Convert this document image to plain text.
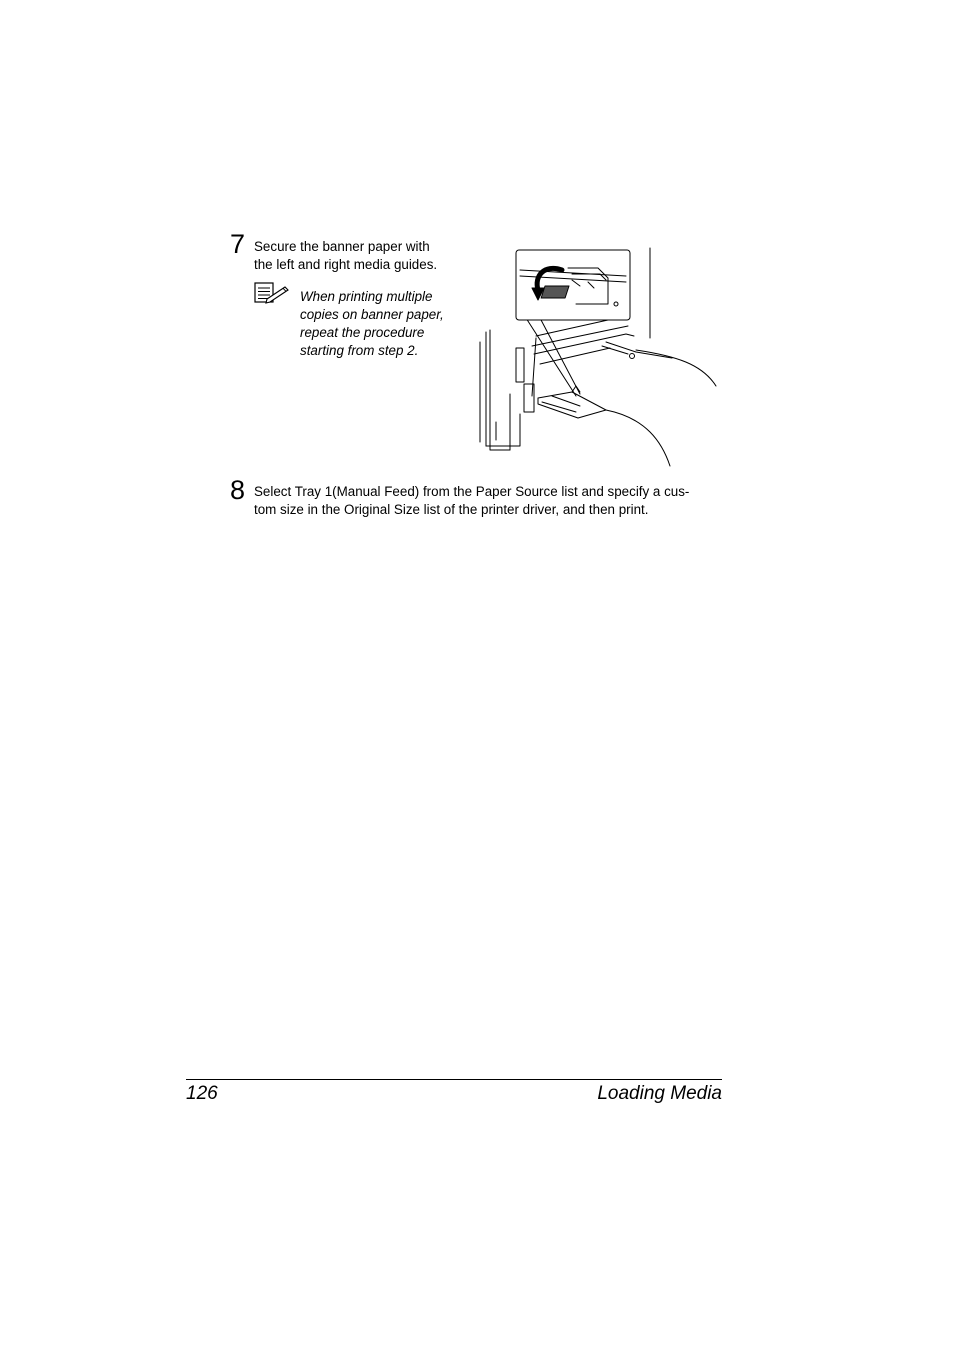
7 Secure the banner paper with
the left and right media guides.
When printing multiple
copies on banner paper,
repeat the procedure
starting from step 2.
8 Select Tray 1(Manual Feed) from the Paper Source list and specify a cus-
tom size in the Original Size list of the printer driver, and then print.
126	Loading Media
